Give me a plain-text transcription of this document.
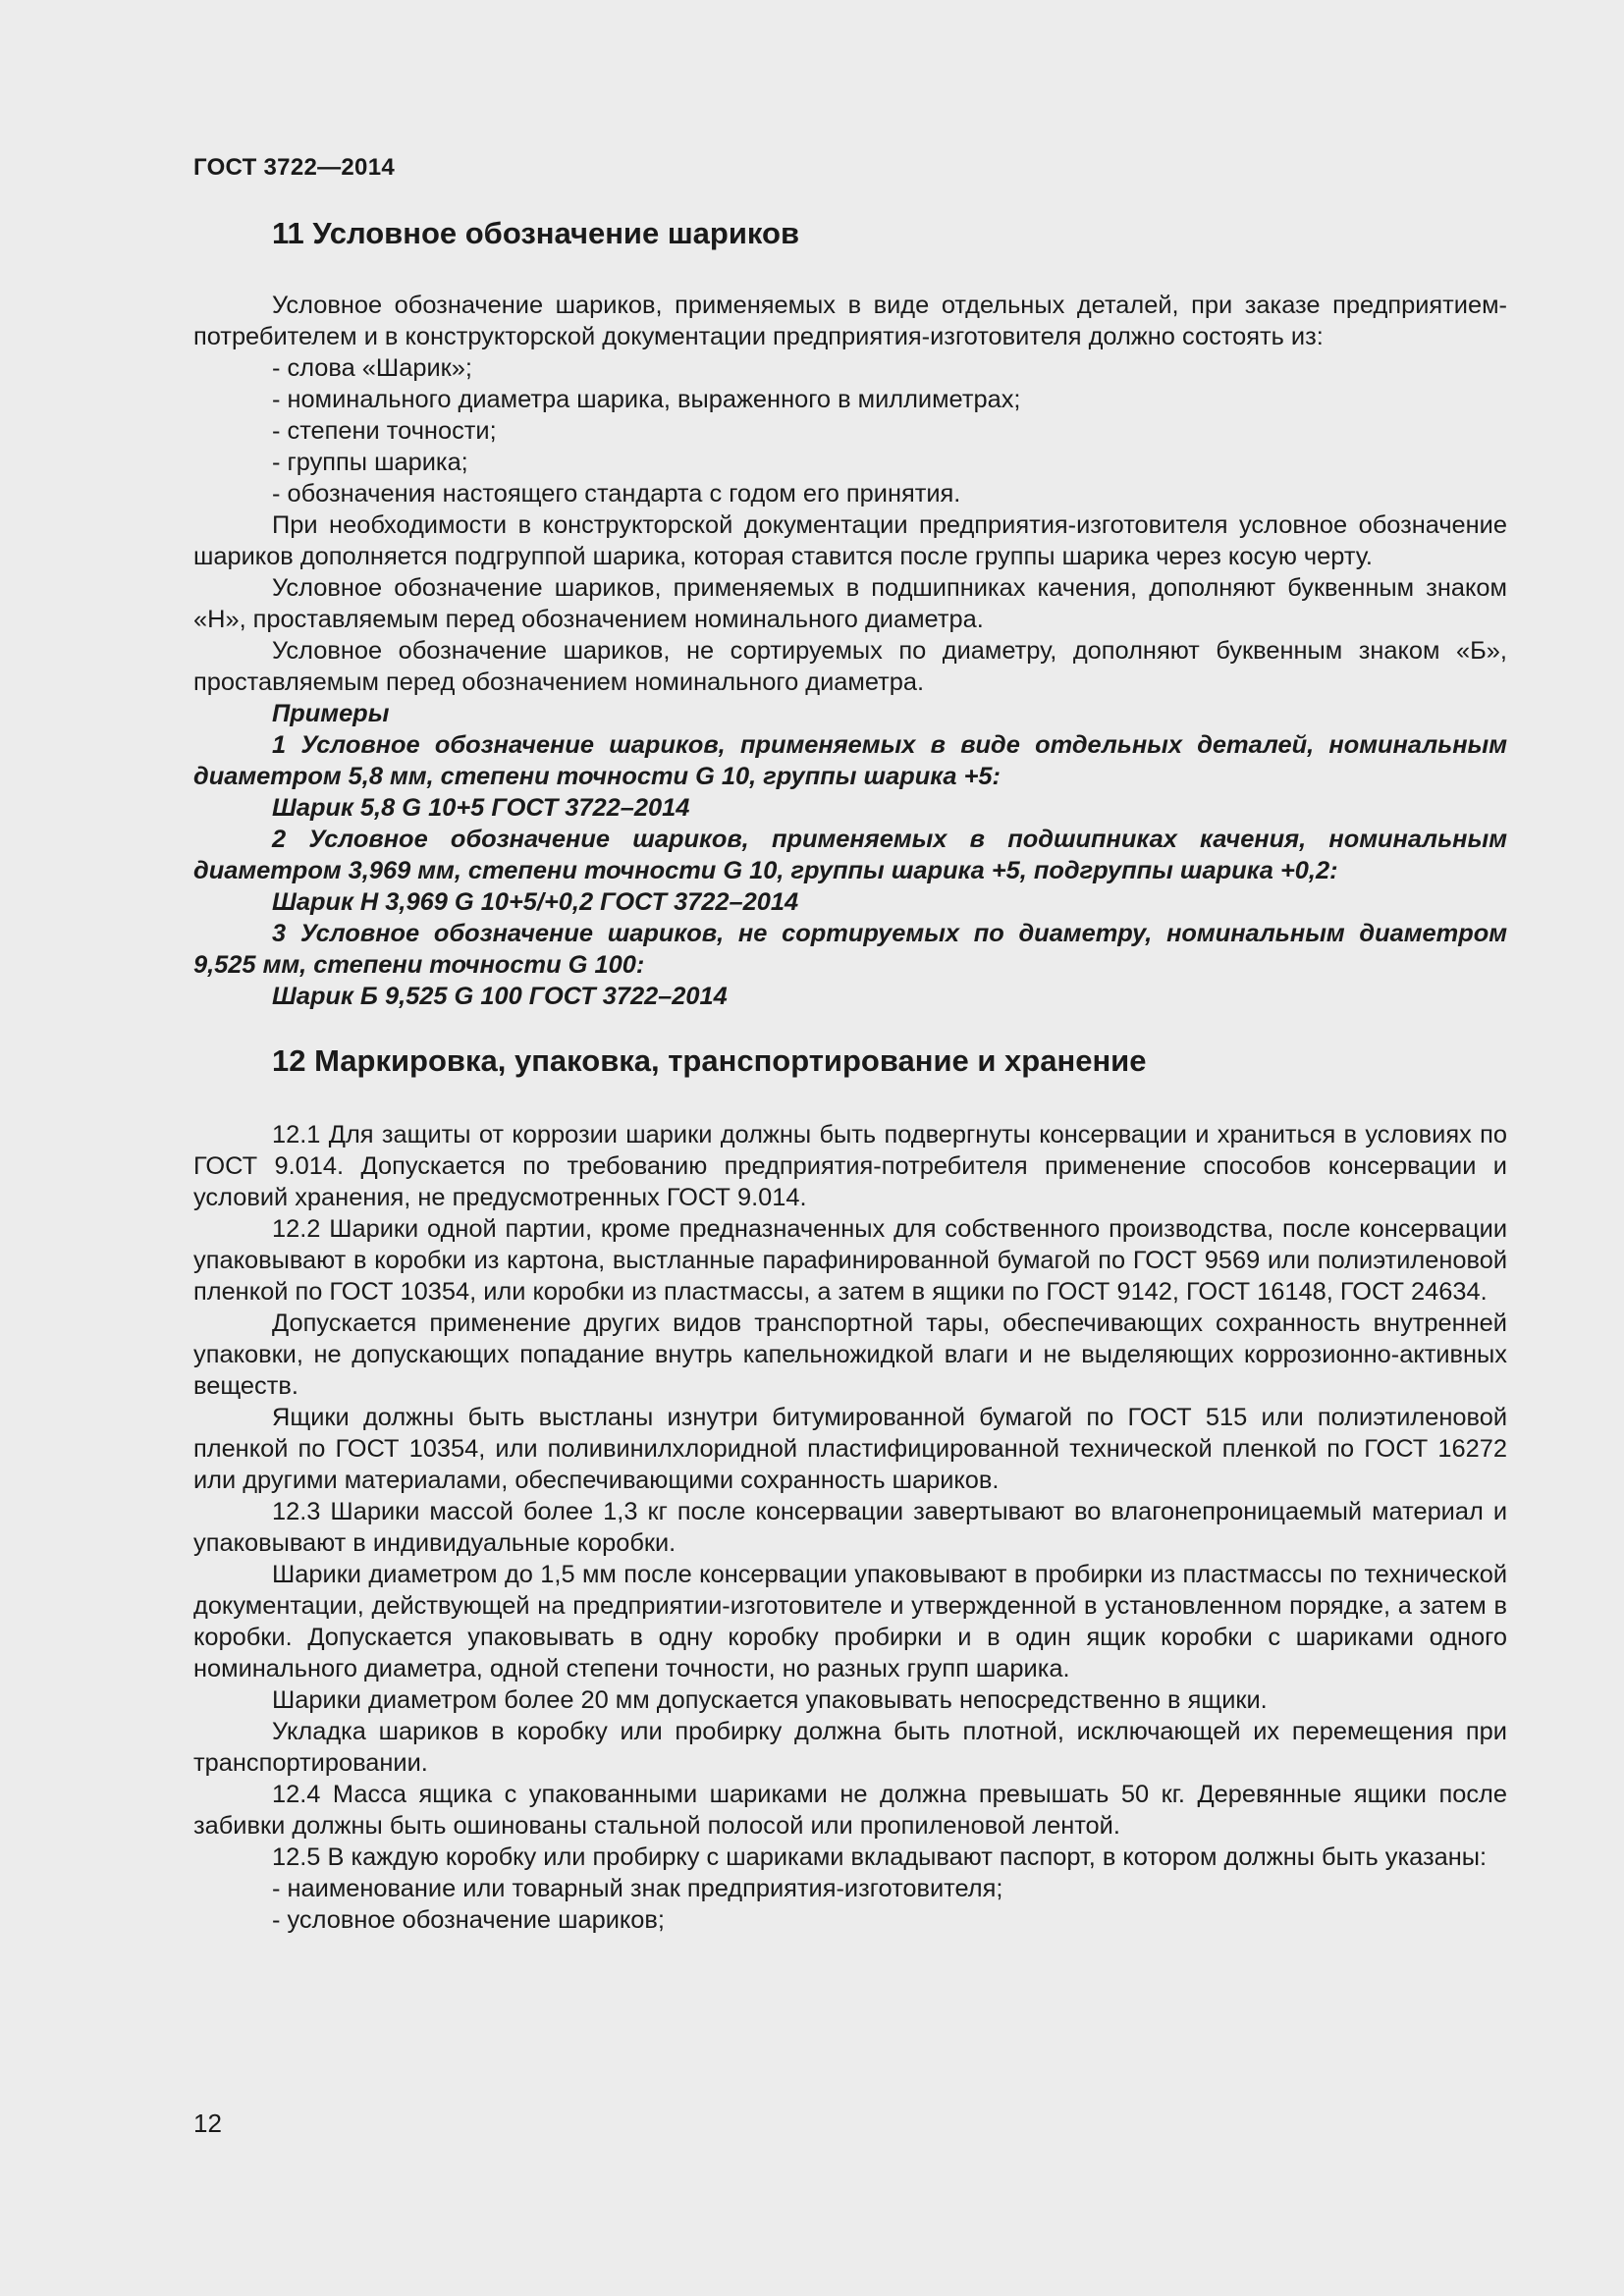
ГОСТ 3722—2014
11 Условное обозначение шариков

Условное обозначение шариков, применяемых в виде отдельных деталей, при заказе предприятием-потребителем и в конструкторской документации предприятия-изготовителя должно состоять из:

- слова «Шарик»;

- номинального диаметра шарика, выраженного в миллиметрах;

- степени точности;

- группы шарика;

- обозначения настоящего стандарта с годом его принятия.

При необходимости в конструкторской документации предприятия-изготовителя условное обозначение шариков дополняется подгруппой шарика, которая ставится после группы шарика через косую черту.

Условное обозначение шариков, применяемых в подшипниках качения, дополняют буквенным знаком «Н», проставляемым перед обозначением номинального диаметра.

Условное обозначение шариков, не сортируемых по диаметру, дополняют буквенным знаком «Б», проставляемым перед обозначением номинального диаметра.

Примеры

1 Условное обозначение шариков, применяемых в виде отдельных деталей, номинальным диаметром 5,8 мм, степени точности G 10, группы шарика +5:

Шарик 5,8 G 10+5 ГОСТ 3722–2014

2 Условное обозначение шариков, применяемых в подшипниках качения, номинальным диаметром 3,969 мм, степени точности G 10, группы шарика +5, подгруппы шарика +0,2:

Шарик Н 3,969 G 10+5/+0,2 ГОСТ 3722–2014

3 Условное обозначение шариков, не сортируемых по диаметру, номинальным диаметром 9,525 мм, степени точности G 100:

Шарик Б 9,525 G 100 ГОСТ 3722–2014

12 Маркировка, упаковка, транспортирование и хранение

12.1 Для защиты от коррозии шарики должны быть подвергнуты консервации и храниться в условиях по ГОСТ 9.014. Допускается по требованию предприятия-потребителя применение способов консервации и условий хранения, не предусмотренных ГОСТ 9.014.

12.2 Шарики одной партии, кроме предназначенных для собственного производства, после консервации упаковывают в коробки из картона, выстланные парафинированной бумагой по ГОСТ 9569 или полиэтиленовой пленкой по ГОСТ 10354, или коробки из пластмассы, а затем в ящики по ГОСТ 9142, ГОСТ 16148, ГОСТ 24634.

Допускается применение других видов транспортной тары, обеспечивающих сохранность внутренней упаковки, не допускающих попадание внутрь капельножидкой влаги и не выделяющих коррозионно-активных веществ.

Ящики должны быть выстланы изнутри битумированной бумагой по ГОСТ 515 или полиэтиленовой пленкой по ГОСТ 10354, или поливинилхлоридной пластифицированной технической пленкой по ГОСТ 16272 или другими материалами, обеспечивающими сохранность шариков.

12.3 Шарики массой более 1,3 кг после консервации завертывают во влагонепроницаемый материал и упаковывают в индивидуальные коробки.

Шарики диаметром до 1,5 мм после консервации упаковывают в пробирки из пластмассы по технической документации, действующей на предприятии-изготовителе и утвержденной в установленном порядке, а затем в коробки. Допускается упаковывать в одну коробку пробирки и в один ящик коробки с шариками одного номинального диаметра, одной степени точности, но разных групп шарика.

Шарики диаметром более 20 мм допускается упаковывать непосредственно в ящики.

Укладка шариков в коробку или пробирку должна быть плотной, исключающей их перемещения при транспортировании.

12.4 Масса ящика с упакованными шариками не должна превышать 50 кг. Деревянные ящики после забивки должны быть ошинованы стальной полосой или пропиленовой лентой.

12.5 В каждую коробку или пробирку с шариками вкладывают паспорт, в котором должны быть указаны:

- наименование или товарный знак предприятия-изготовителя;

- условное обозначение шариков;

12
